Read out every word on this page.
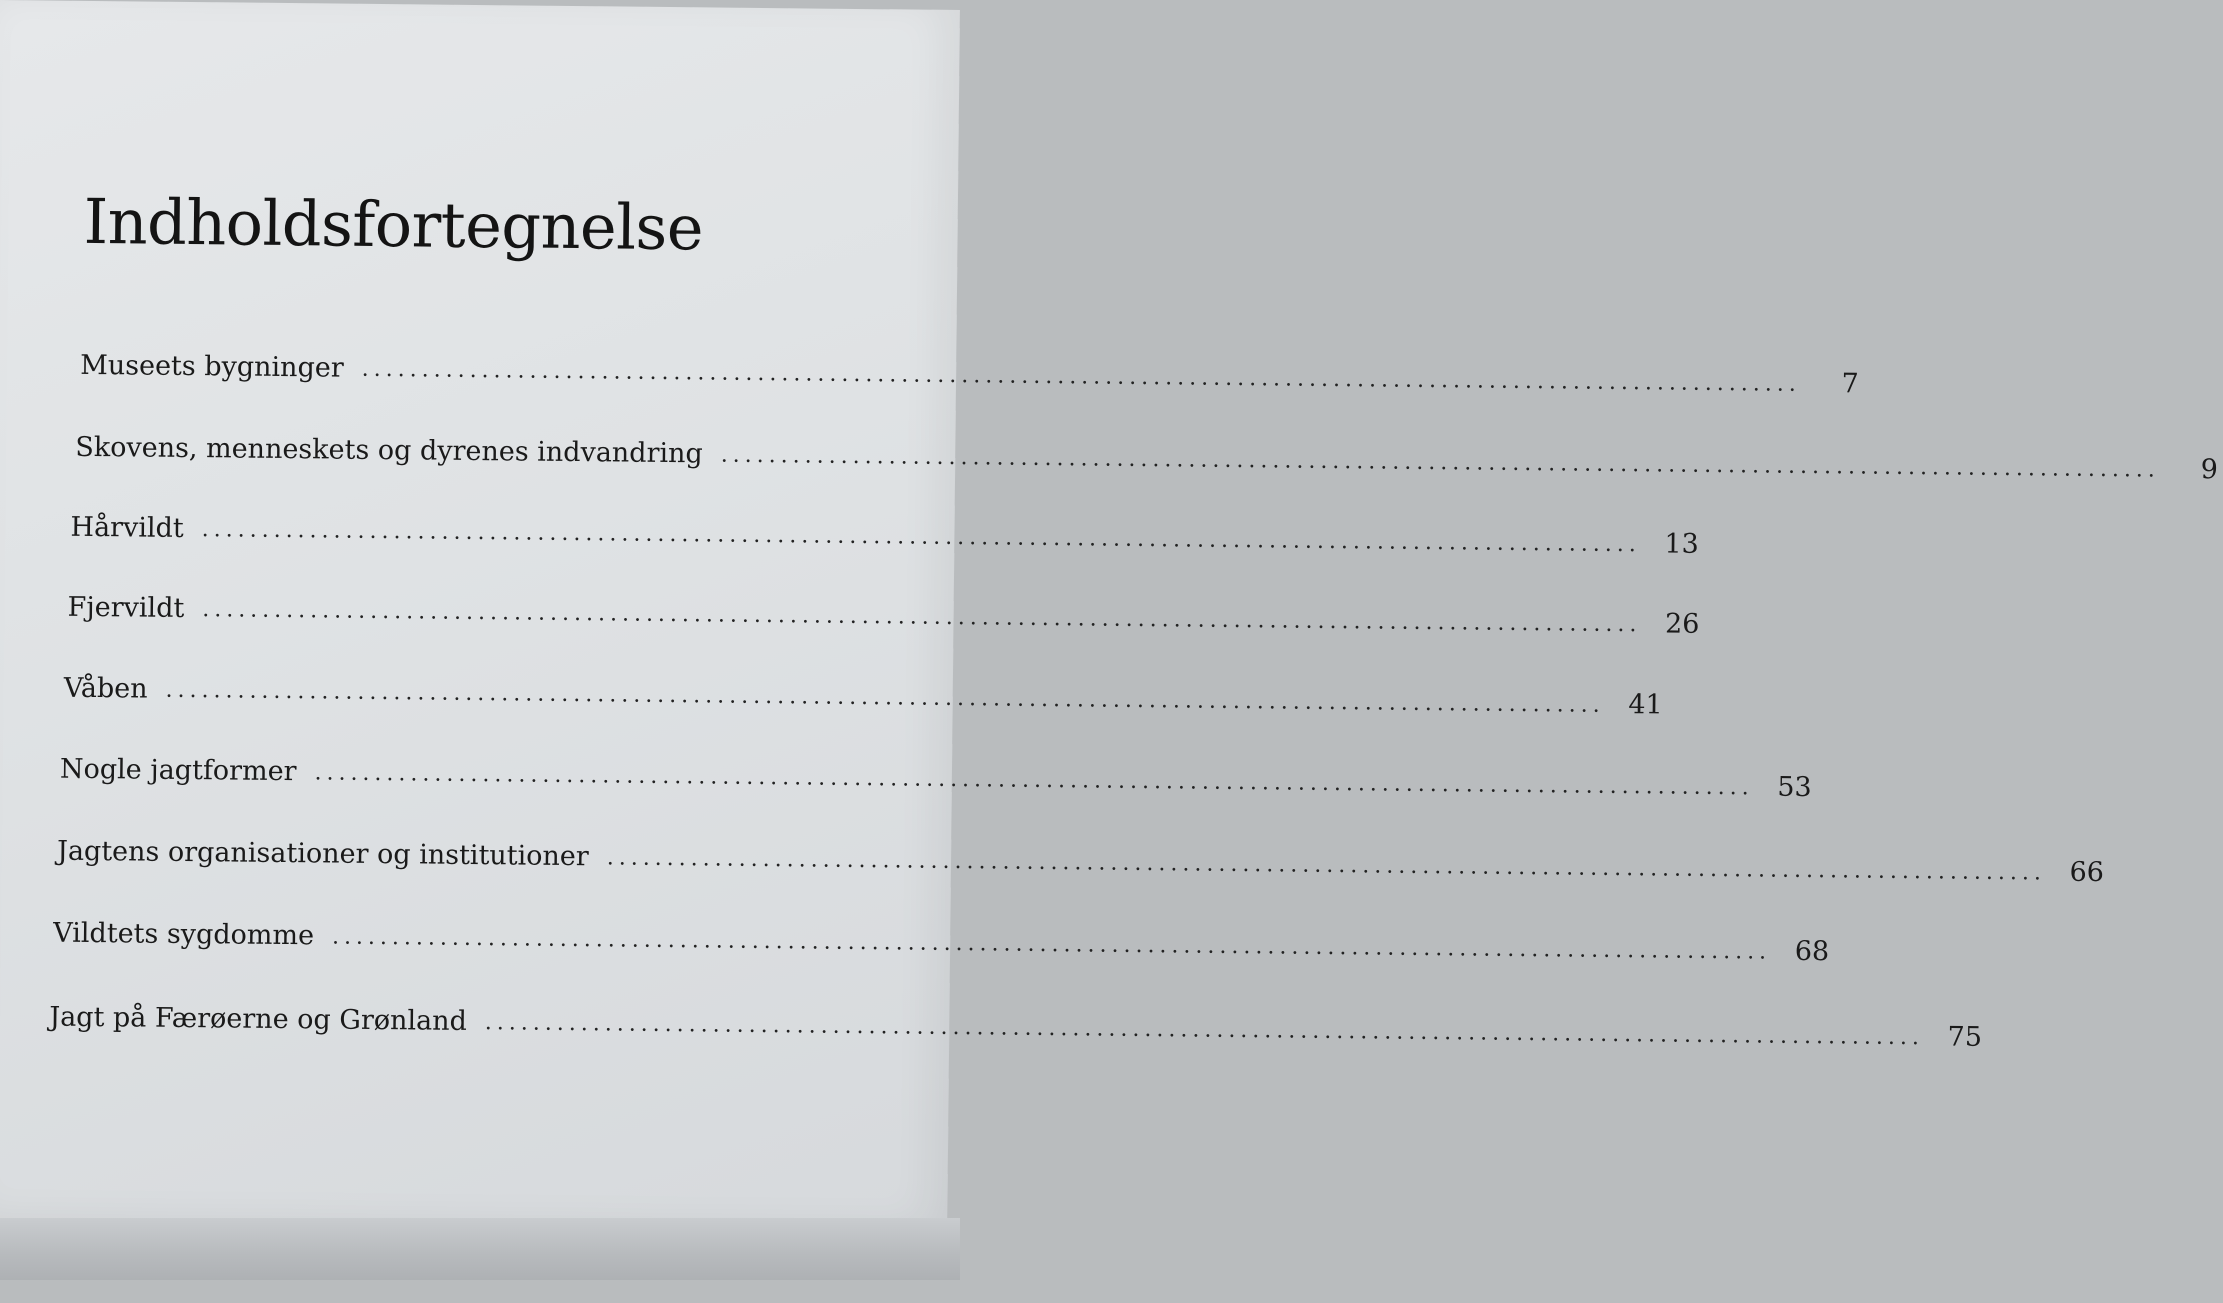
Indholdsfortegnelse
Museets bygninger ........................................................................................................................	7
Skovens, menneskets og dyrenes indvandring ........................................................................................................................	9
Hårvildt ........................................................................................................................ 13
Fjervildt ........................................................................................................................ 26
Våben ........................................................................................................................ 41
Nogle jagtformer ........................................................................................................................ 53
Jagtens organisationer og institutioner ........................................................................................................................ 66
Vildtets sygdomme ........................................................................................................................ 68
Jagt på Færøerne og Grønland ........................................................................................................................ 75
